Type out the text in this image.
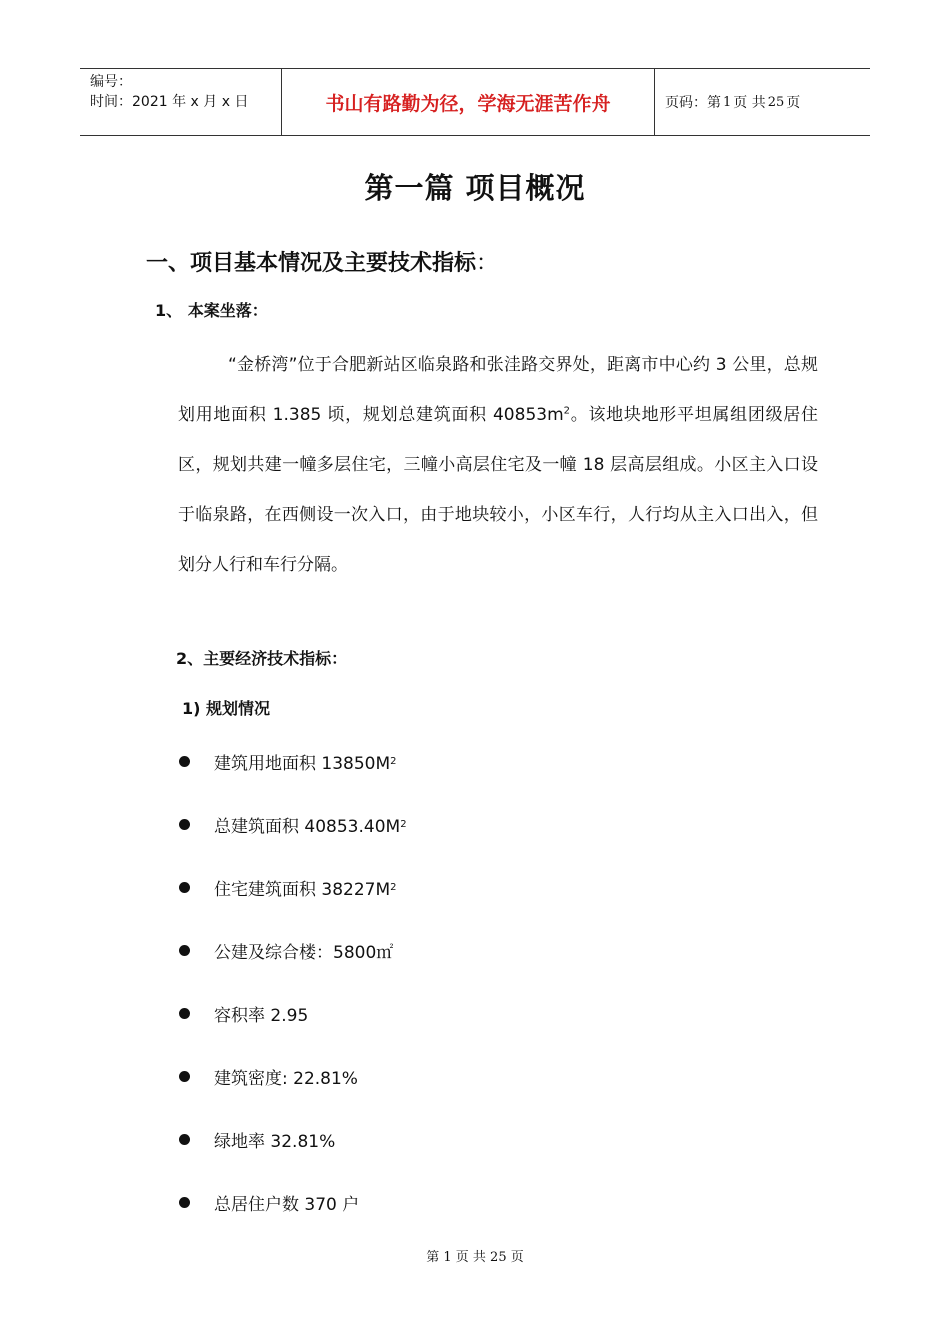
编号：
时间：2021 年 x 月 x 日	书山有路勤为径，学海无涯苦作舟	页码：第 1 页 共 25 页
第一篇 项目概况
一、项目基本情况及主要技术指标：
1、 本案坐落：

“金桥湾”位于合肥新站区临泉路和张洼路交界处，距离市中心约 3 公里，总规划用地面积 1.385 顷，规划总建筑面积 $40853m^2$。该地块地形平坦属组团级居住区，规划共建一幢多层住宅，三幢小高层住宅及一幢 18 层高层组成。小区主入口设于临泉路，在西侧设一次入口，由于地块较小，小区车行，人行均从主入口出入，但划分人行和车行分隔。

2、主要经济技术指标：
1) 规划情况
建筑用地面积 13850M 2
总建筑面积 40853.40M 2
住宅建筑面积 38227M 2
公建及综合楼：5800㎡
容积率 2.95
建筑密度: 22.81%
绿地率 32.81%
总居住户数 370 户
第 1 页 共 25 页
